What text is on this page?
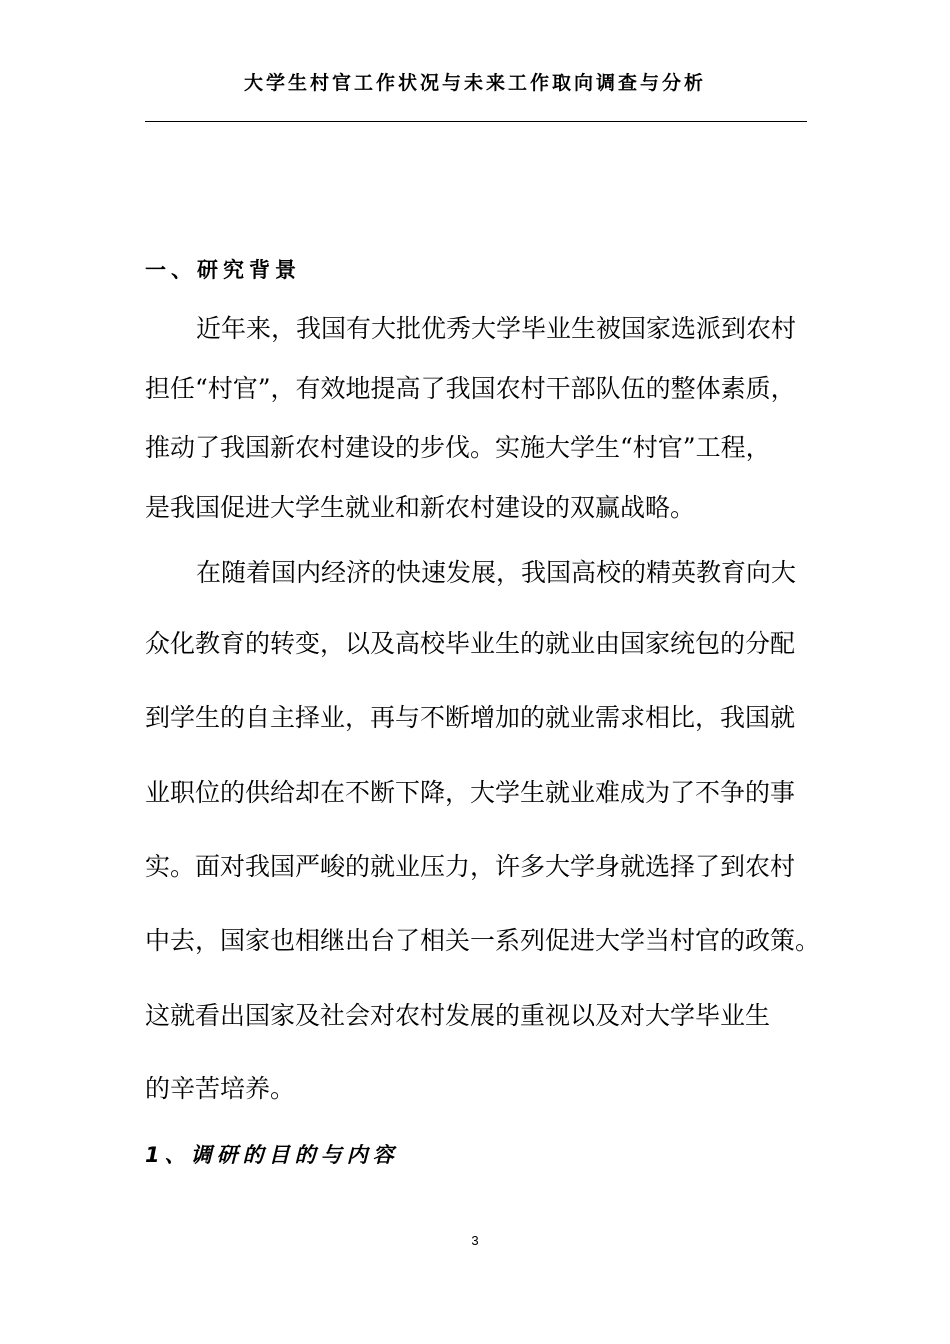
大学生村官工作状况与未来工作取向调查与分析
一、研究背景
近年来，我国有大批优秀大学毕业生被国家选派到农村
担任“村官”，有效地提高了我国农村干部队伍的整体素质，
推动了我国新农村建设的步伐。实施大学生“村官”工程，
是我国促进大学生就业和新农村建设的双赢战略。
在随着国内经济的快速发展，我国高校的精英教育向大
众化教育的转变，以及高校毕业生的就业由国家统包的分配
到学生的自主择业，再与不断增加的就业需求相比，我国就
业职位的供给却在不断下降，大学生就业难成为了不争的事
实。面对我国严峻的就业压力，许多大学身就选择了到农村
中去，国家也相继出台了相关一系列促进大学当村官的政策。
这就看出国家及社会对农村发展的重视以及对大学毕业生
的辛苦培养。
1、调研的目的与内容
3
